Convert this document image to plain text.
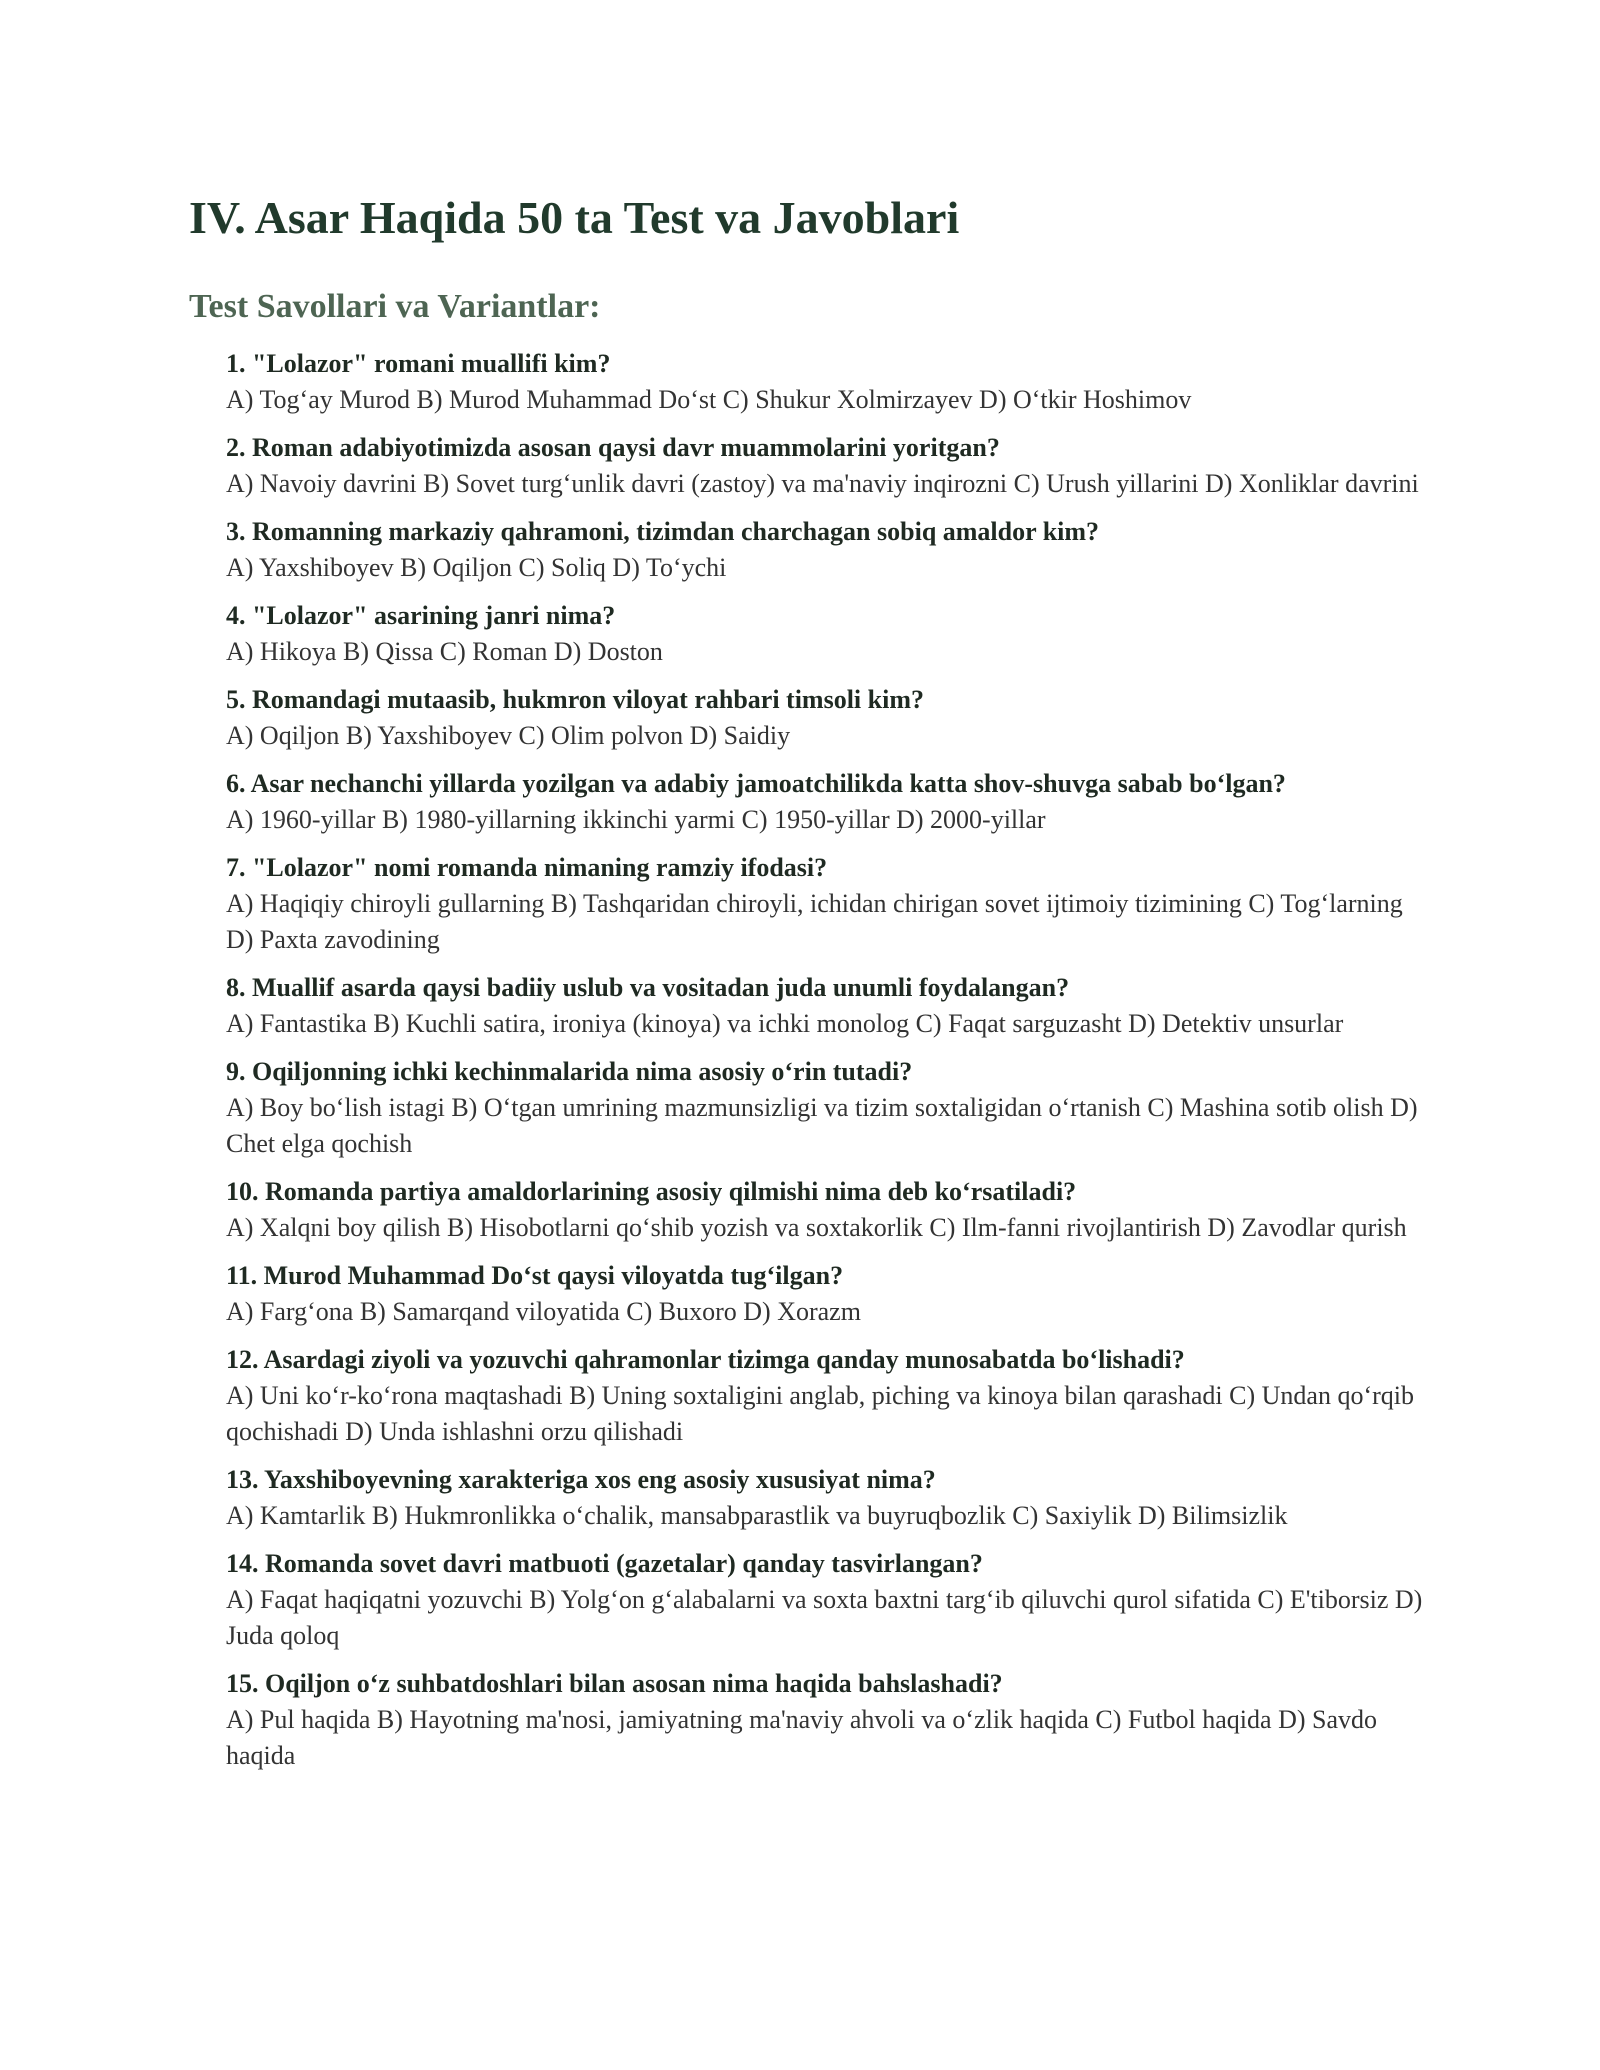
IV. Asar Haqida 50 ta Test va Javoblari
Test Savollari va Variantlar:

1. "Lolazor" romani muallifi kim?

A) Tog‘ay Murod B) Murod Muhammad Do‘st C) Shukur Xolmirzayev D) O‘tkir Hoshimov

2. Roman adabiyotimizda asosan qaysi davr muammolarini yoritgan?

A) Navoiy davrini B) Sovet turg‘unlik davri (zastoy) va ma'naviy inqirozni C) Urush yillarini D) Xonliklar davrini

3. Romanning markaziy qahramoni, tizimdan charchagan sobiq amaldor kim?

A) Yaxshiboyev B) Oqiljon C) Soliq D) To‘ychi

4. "Lolazor" asarining janri nima?

A) Hikoya B) Qissa C) Roman D) Doston

5. Romandagi mutaasib, hukmron viloyat rahbari timsoli kim?

A) Oqiljon B) Yaxshiboyev C) Olim polvon D) Saidiy

6. Asar nechanchi yillarda yozilgan va adabiy jamoatchilikda katta shov-shuvga sabab bo‘lgan?

A) 1960-yillar B) 1980-yillarning ikkinchi yarmi C) 1950-yillar D) 2000-yillar

7. "Lolazor" nomi romanda nimaning ramziy ifodasi?

A) Haqiqiy chiroyli gullarning B) Tashqaridan chiroyli, ichidan chirigan sovet ijtimoiy tizimining C) Tog‘larning D) Paxta zavodining

8. Muallif asarda qaysi badiiy uslub va vositadan juda unumli foydalangan?

A) Fantastika B) Kuchli satira, ironiya (kinoya) va ichki monolog C) Faqat sarguzasht D) Detektiv unsurlar

9. Oqiljonning ichki kechinmalarida nima asosiy o‘rin tutadi?

A) Boy bo‘lish istagi B) O‘tgan umrining mazmunsizligi va tizim soxtaligidan o‘rtanish C) Mashina sotib olish D) Chet elga qochish

10. Romanda partiya amaldorlarining asosiy qilmishi nima deb ko‘rsatiladi?

A) Xalqni boy qilish B) Hisobotlarni qo‘shib yozish va soxtakorlik C) Ilm-fanni rivojlantirish D) Zavodlar qurish

11. Murod Muhammad Do‘st qaysi viloyatda tug‘ilgan?

A) Farg‘ona B) Samarqand viloyatida C) Buxoro D) Xorazm

12. Asardagi ziyoli va yozuvchi qahramonlar tizimga qanday munosabatda bo‘lishadi?

A) Uni ko‘r-ko‘rona maqtashadi B) Uning soxtaligini anglab, piching va kinoya bilan qarashadi C) Undan qo‘rqib qochishadi D) Unda ishlashni orzu qilishadi

13. Yaxshiboyevning xarakteriga xos eng asosiy xususiyat nima?

A) Kamtarlik B) Hukmronlikka o‘chalik, mansabparastlik va buyruqbozlik C) Saxiylik D) Bilimsizlik

14. Romanda sovet davri matbuoti (gazetalar) qanday tasvirlangan?

A) Faqat haqiqatni yozuvchi B) Yolg‘on g‘alabalarni va soxta baxtni targ‘ib qiluvchi qurol sifatida C) E'tiborsiz D) Juda qoloq

15. Oqiljon o‘z suhbatdoshlari bilan asosan nima haqida bahslashadi?

A) Pul haqida B) Hayotning ma'nosi, jamiyatning ma'naviy ahvoli va o‘zlik haqida C) Futbol haqida D) Savdo haqida
